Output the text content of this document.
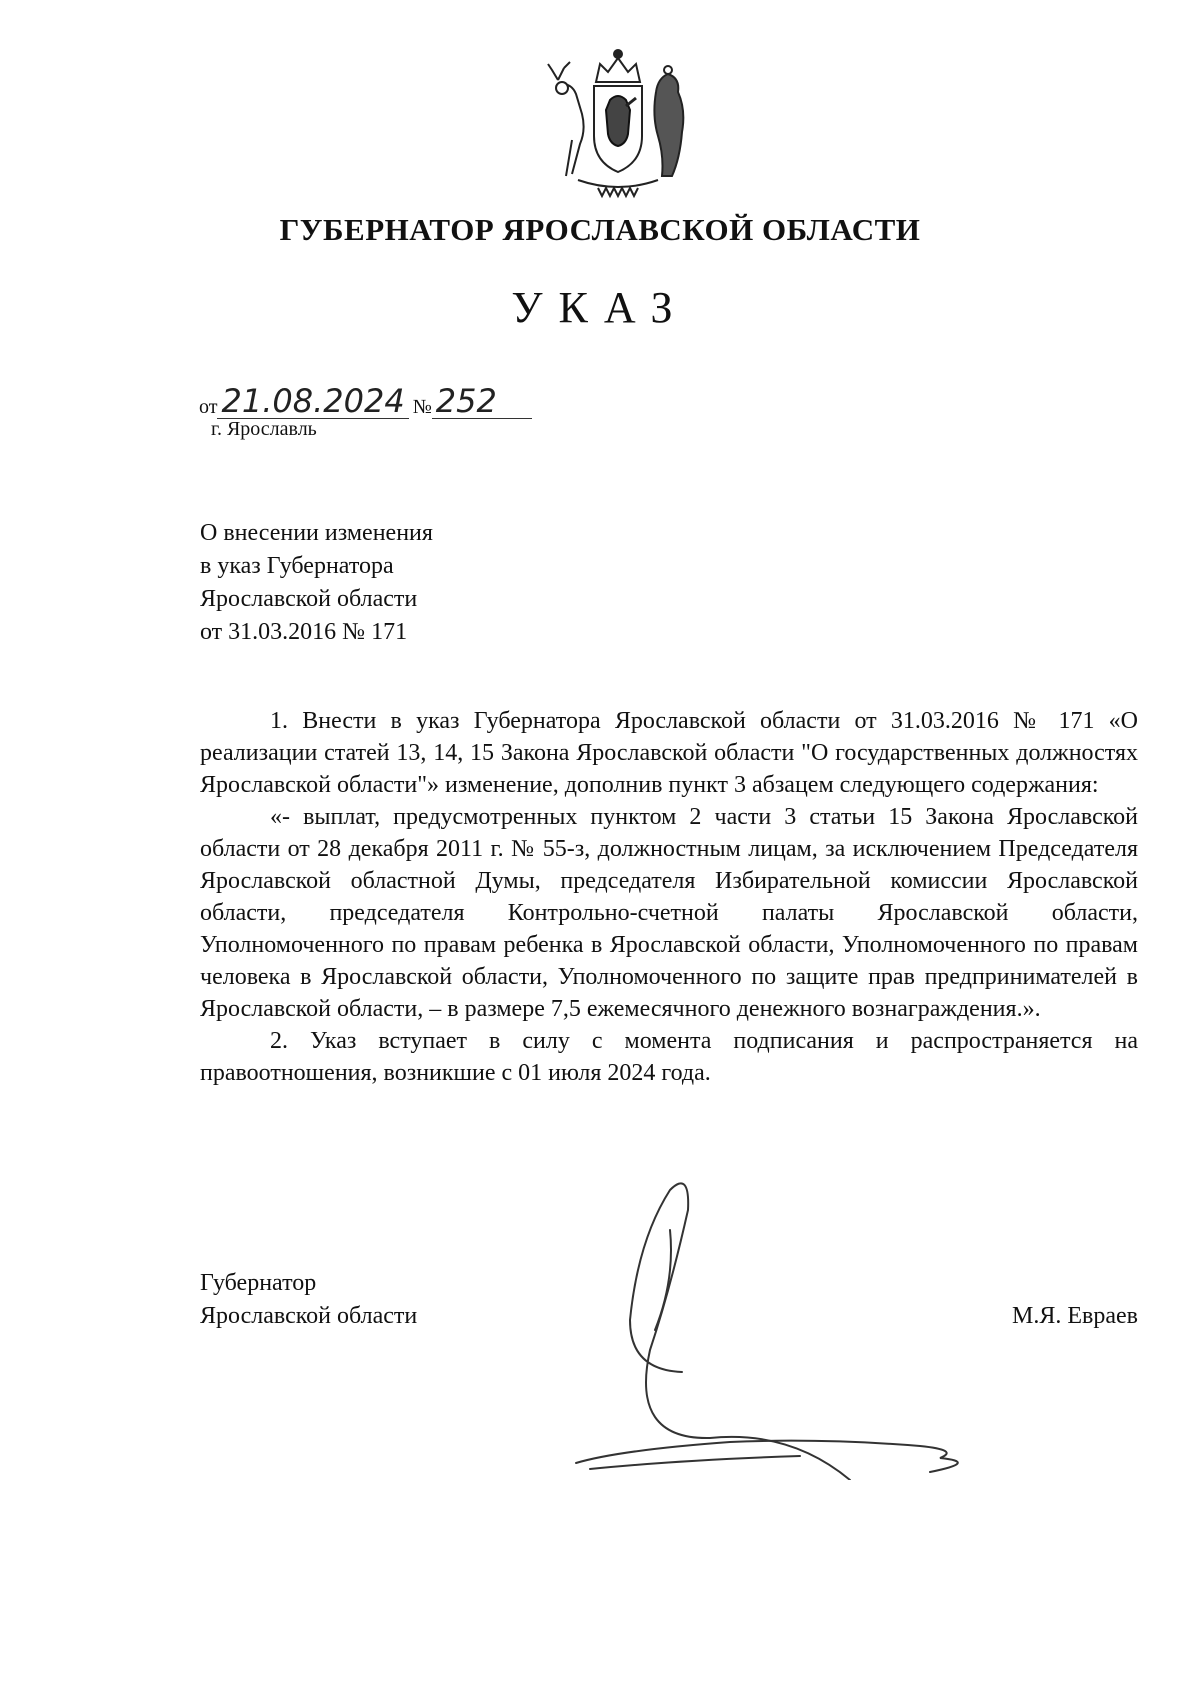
ГУБЕРНАТОР ЯРОСЛАВСКОЙ ОБЛАСТИ
УКАЗ
от 21.08.2024 № 252
г. Ярославль
О внесении изменения
в указ Губернатора
Ярославской области
от 31.03.2016 № 171

1. Внести в указ Губернатора Ярославской области от 31.03.2016 № 171 «О реализации статей 13, 14, 15 Закона Ярославской области "О государственных должностях Ярославской области"» изменение, дополнив пункт 3 абзацем следующего содержания:

«- выплат, предусмотренных пунктом 2 части 3 статьи 15 Закона Ярославской области от 28 декабря 2011 г. № 55-з, должностным лицам, за исключением Председателя Ярославской областной Думы, председателя Избирательной комиссии Ярославской области, председателя Контрольно-счетной палаты Ярославской области, Уполномоченного по правам ребенка в Ярославской области, Уполномоченного по правам человека в Ярославской области, Уполномоченного по защите прав предпринимателей в Ярославской области, – в размере 7,5 ежемесячного денежного вознаграждения.».

2. Указ вступает в силу с момента подписания и распространяется на правоотношения, возникшие с 01 июля 2024 года.

Губернатор
Ярославской области	М.Я. Евраев
